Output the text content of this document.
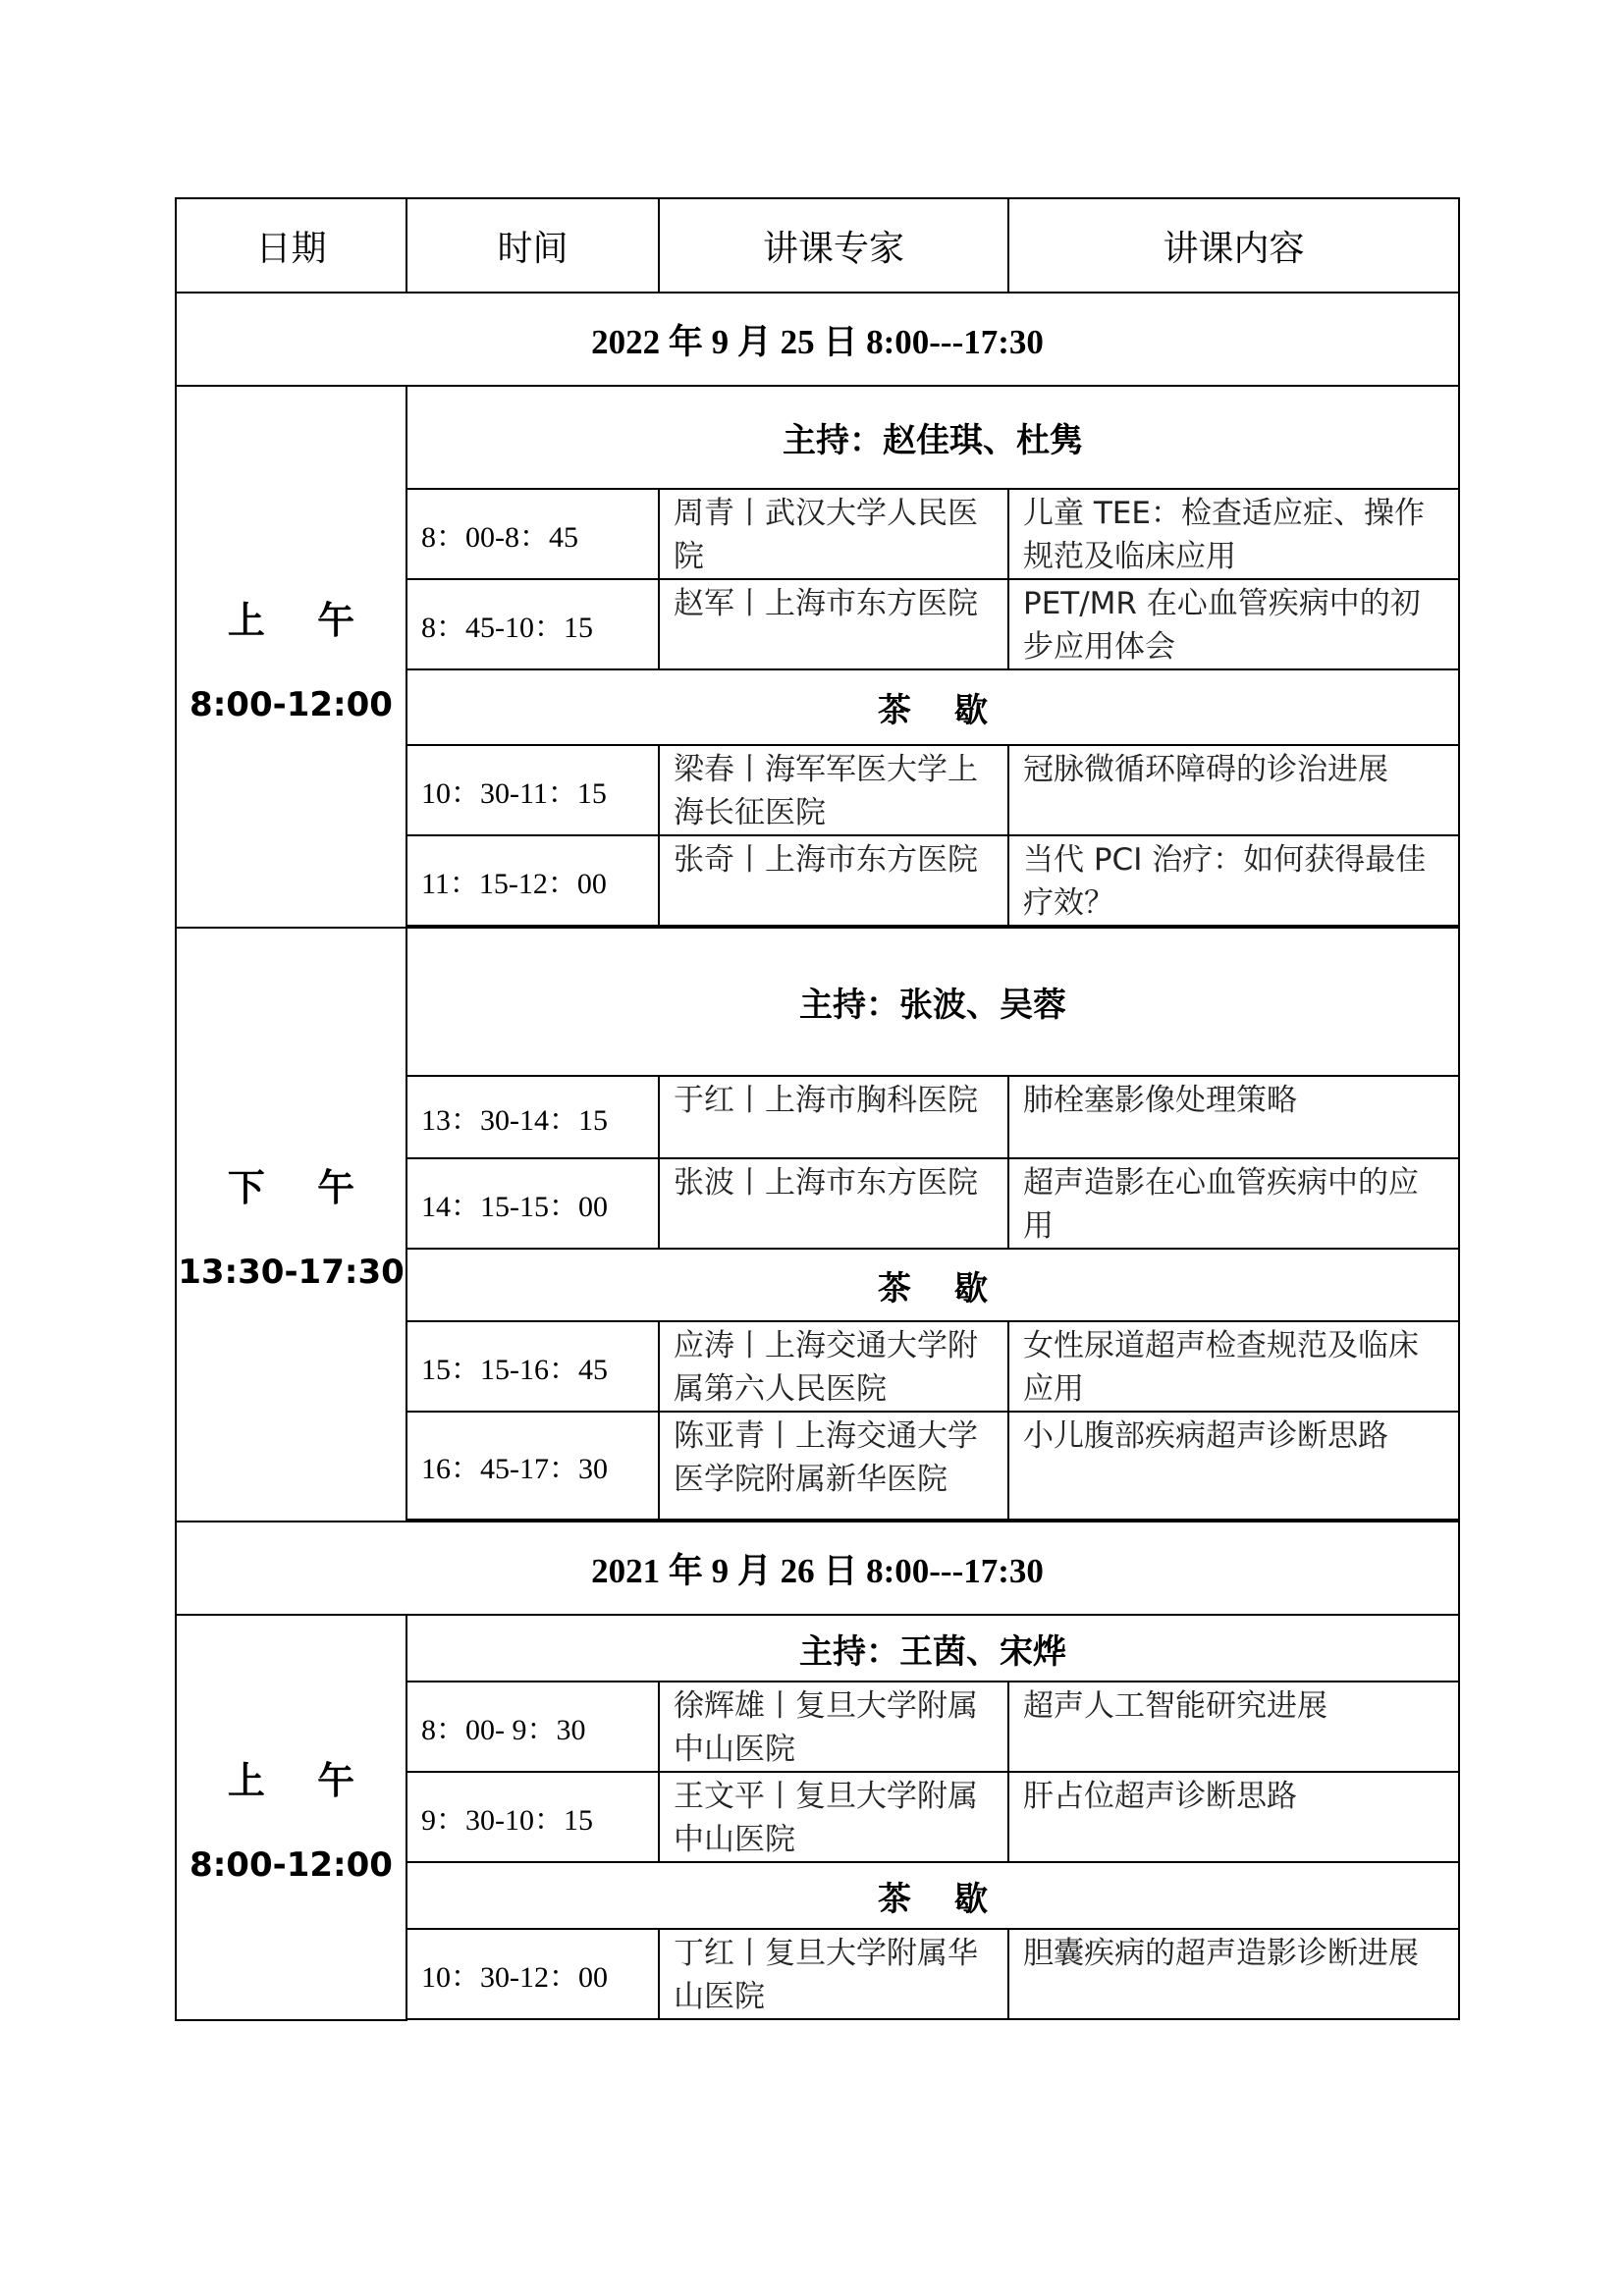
日期	时间	讲课专家	讲课内容
2022 年 9 月 25 日 8:00---17:30			

上 午
8:00-12:00	主持：赵佳琪、杜隽		
	8：00-8：45	周青丨武汉大学人民医院	儿童 TEE：检查适应症、操作规范及临床应用
	8：45-10：15	赵军丨上海市东方医院	PET/MR 在心血管疾病中的初步应用体会
	茶歇		
	10：30-11：15	梁春丨海军军医大学上海长征医院	冠脉微循环障碍的诊治进展
	11：15-12：00	张奇丨上海市东方医院	当代 PCI 治疗：如何获得最佳疗效？

下 午
13:30-17:30	主持：张波、吴蓉		
	13：30-14：15	于红丨上海市胸科医院	肺栓塞影像处理策略
	14：15-15：00	张波丨上海市东方医院	超声造影在心血管疾病中的应用
	茶歇		
	15：15-16：45	应涛丨上海交通大学附属第六人民医院	女性尿道超声检查规范及临床应用
	16：45-17：30	陈亚青丨上海交通大学医学院附属新华医院	小儿腹部疾病超声诊断思路

2021 年 9 月 26 日 8:00---17:30			

上 午
8:00-12:00	主持：王茵、宋烨		
	8：00- 9：30	徐辉雄丨复旦大学附属中山医院	超声人工智能研究进展
	9：30-10：15	王文平丨复旦大学附属中山医院	肝占位超声诊断思路
	茶歇		
	10：30-12：00	丁红丨复旦大学附属华山医院	胆囊疾病的超声造影诊断进展
